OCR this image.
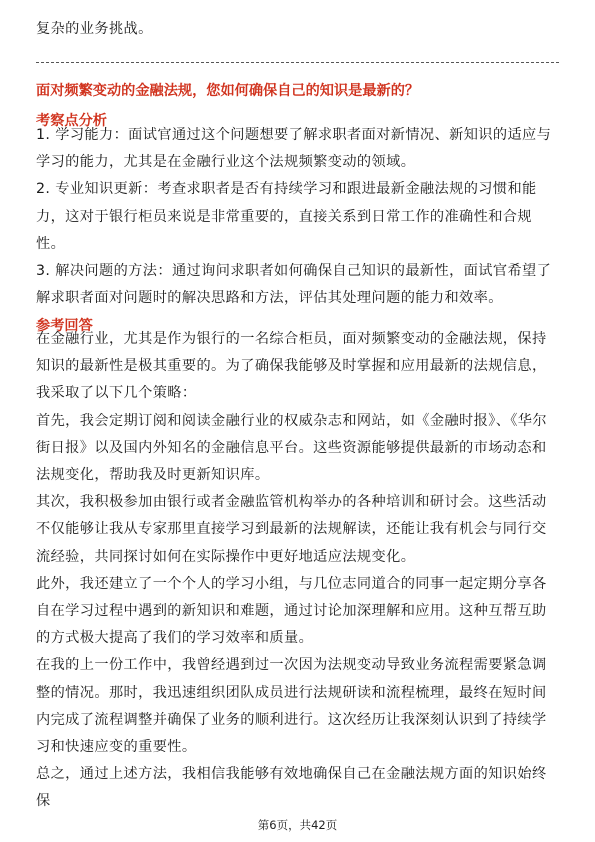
复杂的业务挑战。

面对频繁变动的金融法规，您如何确保自己的知识是最新的？

考察点分析

1. 学习能力：面试官通过这个问题想要了解求职者面对新情况、新知识的适应与学习的能力，尤其是在金融行业这个法规频繁变动的领域。

2. 专业知识更新：考查求职者是否有持续学习和跟进最新金融法规的习惯和能力，这对于银行柜员来说是非常重要的，直接关系到日常工作的准确性和合规性。

3. 解决问题的方法：通过询问求职者如何确保自己知识的最新性，面试官希望了解求职者面对问题时的解决思路和方法，评估其处理问题的能力和效率。

参考回答

在金融行业，尤其是作为银行的一名综合柜员，面对频繁变动的金融法规，保持知识的最新性是极其重要的。为了确保我能够及时掌握和应用最新的法规信息，我采取了以下几个策略：

首先，我会定期订阅和阅读金融行业的权威杂志和网站，如《金融时报》、《华尔街日报》以及国内外知名的金融信息平台。这些资源能够提供最新的市场动态和法规变化，帮助我及时更新知识库。

其次，我积极参加由银行或者金融监管机构举办的各种培训和研讨会。这些活动不仅能够让我从专家那里直接学习到最新的法规解读，还能让我有机会与同行交流经验，共同探讨如何在实际操作中更好地适应法规变化。

此外，我还建立了一个个人的学习小组，与几位志同道合的同事一起定期分享各自在学习过程中遇到的新知识和难题，通过讨论加深理解和应用。这种互帮互助的方式极大提高了我们的学习效率和质量。

在我的上一份工作中，我曾经遇到过一次因为法规变动导致业务流程需要紧急调整的情况。那时，我迅速组织团队成员进行法规研读和流程梳理，最终在短时间内完成了流程调整并确保了业务的顺利进行。这次经历让我深刻认识到了持续学习和快速应变的重要性。

总之，通过上述方法，我相信我能够有效地确保自己在金融法规方面的知识始终保

第6页，共42页
